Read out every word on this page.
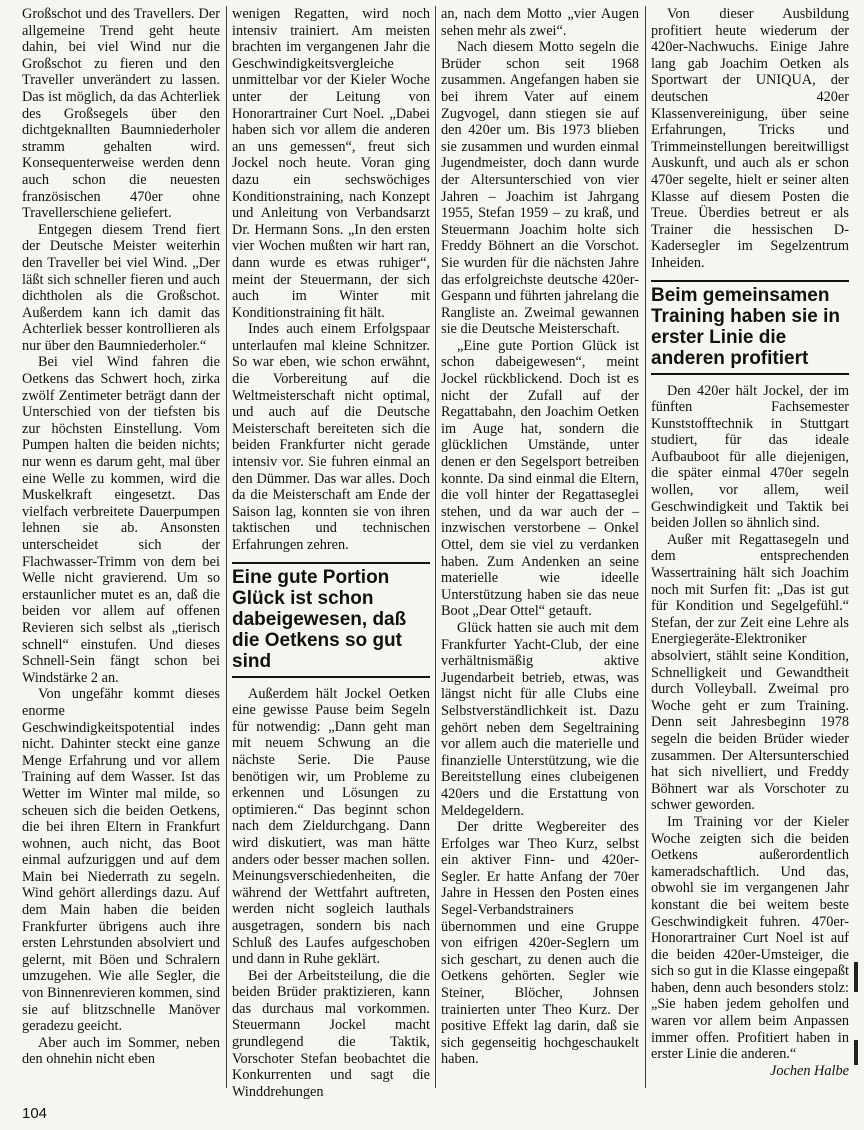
Großschot und des Travellers. Der allgemeine Trend geht heute dahin, bei viel Wind nur die Großschot zu fieren und den Traveller unverändert zu lassen. Das ist möglich, da das Achterliek des Großsegels über den dichtgeknallten Baumniederholer stramm gehalten wird. Konsequenterweise werden denn auch schon die neuesten französischen 470er ohne Travellerschiene geliefert.

Entgegen diesem Trend fiert der Deutsche Meister weiterhin den Traveller bei viel Wind. „Der läßt sich schneller fieren und auch dichtholen als die Großschot. Außerdem kann ich damit das Achterliek besser kontrollieren als nur über den Baumniederholer.“

Bei viel Wind fahren die Oetkens das Schwert hoch, zirka zwölf Zentimeter beträgt dann der Unterschied von der tiefsten bis zur höchsten Einstellung. Vom Pumpen halten die beiden nichts; nur wenn es darum geht, mal über eine Welle zu kommen, wird die Muskelkraft eingesetzt. Das vielfach verbreitete Dauerpumpen lehnen sie ab. Ansonsten unterscheidet sich der Flachwasser-Trimm von dem bei Welle nicht gravierend. Um so erstaunlicher mutet es an, daß die beiden vor allem auf offenen Revieren sich selbst als „tierisch schnell“ einstufen. Und dieses Schnell-Sein fängt schon bei Windstärke 2 an.

Von ungefähr kommt dieses enorme Geschwindigkeitspotential indes nicht. Dahinter steckt eine ganze Menge Erfahrung und vor allem Training auf dem Wasser. Ist das Wetter im Winter mal milde, so scheuen sich die beiden Oetkens, die bei ihren Eltern in Frankfurt wohnen, auch nicht, das Boot einmal aufzuriggen und auf dem Main bei Niederrath zu segeln. Wind gehört allerdings dazu. Auf dem Main haben die beiden Frankfurter übrigens auch ihre ersten Lehrstunden absolviert und gelernt, mit Böen und Schralern umzugehen. Wie alle Segler, die von Binnenrevieren kommen, sind sie auf blitzschnelle Manöver geradezu geeicht.

Aber auch im Sommer, neben den ohnehin nicht eben

wenigen Regatten, wird noch intensiv trainiert. Am meisten brachten im vergangenen Jahr die Geschwindigkeitsvergleiche unmittelbar vor der Kieler Woche unter der Leitung von Honorartrainer Curt Noel. „Dabei haben sich vor allem die anderen an uns gemessen“, freut sich Jockel noch heute. Voran ging dazu ein sechswöchiges Konditionstraining, nach Konzept und Anleitung von Verbandsarzt Dr. Hermann Sons. „In den ersten vier Wochen mußten wir hart ran, dann wurde es etwas ruhiger“, meint der Steuermann, der sich auch im Winter mit Konditionstraining fit hält.

Indes auch einem Erfolgspaar unterlaufen mal kleine Schnitzer. So war eben, wie schon erwähnt, die Vorbereitung auf die Weltmeisterschaft nicht optimal, und auch auf die Deutsche Meisterschaft bereiteten sich die beiden Frankfurter nicht gerade intensiv vor. Sie fuhren einmal an den Dümmer. Das war alles. Doch da die Meisterschaft am Ende der Saison lag, konnten sie von ihren taktischen und technischen Erfahrungen zehren.

Eine gute Portion Glück ist schon dabeigewesen, daß die Oetkens so gut sind

Außerdem hält Jockel Oetken eine gewisse Pause beim Segeln für notwendig: „Dann geht man mit neuem Schwung an die nächste Serie. Die Pause benötigen wir, um Probleme zu erkennen und Lösungen zu optimieren.“ Das beginnt schon nach dem Zieldurchgang. Dann wird diskutiert, was man hätte anders oder besser machen sollen. Meinungsverschiedenheiten, die während der Wettfahrt auftreten, werden nicht sogleich lauthals ausgetragen, sondern bis nach Schluß des Laufes aufgeschoben und dann in Ruhe geklärt.

Bei der Arbeitsteilung, die die beiden Brüder praktizieren, kann das durchaus mal vorkommen. Steuermann Jockel macht grundlegend die Taktik, Vorschoter Stefan beobachtet die Konkurrenten und sagt die Winddrehungen

an, nach dem Motto „vier Augen sehen mehr als zwei“.

Nach diesem Motto segeln die Brüder schon seit 1968 zusammen. Angefangen haben sie bei ihrem Vater auf einem Zugvogel, dann stiegen sie auf den 420er um. Bis 1973 blieben sie zusammen und wurden einmal Jugendmeister, doch dann wurde der Altersunterschied von vier Jahren – Joachim ist Jahrgang 1955, Stefan 1959 – zu kraß, und Steuermann Joachim holte sich Freddy Böhnert an die Vorschot. Sie wurden für die nächsten Jahre das erfolgreichste deutsche 420er-Gespann und führten jahrelang die Rangliste an. Zweimal gewannen sie die Deutsche Meisterschaft.

„Eine gute Portion Glück ist schon dabeigewesen“, meint Jockel rückblickend. Doch ist es nicht der Zufall auf der Regattabahn, den Joachim Oetken im Auge hat, sondern die glücklichen Umstände, unter denen er den Segelsport betreiben konnte. Da sind einmal die Eltern, die voll hinter der Regattaseglei stehen, und da war auch der – inzwischen verstorbene – Onkel Ottel, dem sie viel zu verdanken haben. Zum Andenken an seine materielle wie ideelle Unterstützung haben sie das neue Boot „Dear Ottel“ getauft.

Glück hatten sie auch mit dem Frankfurter Yacht-Club, der eine verhältnismäßig aktive Jugendarbeit betrieb, etwas, was längst nicht für alle Clubs eine Selbstverständlichkeit ist. Dazu gehört neben dem Segeltraining vor allem auch die materielle und finanzielle Unterstützung, wie die Bereitstellung eines clubeigenen 420ers und die Erstattung von Meldegeldern.

Der dritte Wegbereiter des Erfolges war Theo Kurz, selbst ein aktiver Finn- und 420er-Segler. Er hatte Anfang der 70er Jahre in Hessen den Posten eines Segel-Verbandstrainers übernommen und eine Gruppe von eifrigen 420er-Seglern um sich geschart, zu denen auch die Oetkens gehörten. Segler wie Steiner, Blöcher, Johnsen trainierten unter Theo Kurz. Der positive Effekt lag darin, daß sie sich gegenseitig hochgeschaukelt haben.

Von dieser Ausbildung profitiert heute wiederum der 420er-Nachwuchs. Einige Jahre lang gab Joachim Oetken als Sportwart der UNIQUA, der deutschen 420er Klassenvereinigung, über seine Erfahrungen, Tricks und Trimmeinstellungen bereitwilligst Auskunft, und auch als er schon 470er segelte, hielt er seiner alten Klasse auf diesem Posten die Treue. Überdies betreut er als Trainer die hessischen D-Kadersegler im Segelzentrum Inheiden.

Beim gemeinsamen Training haben sie in erster Linie die anderen profitiert

Den 420er hält Jockel, der im fünften Fachsemester Kunststofftechnik in Stuttgart studiert, für das ideale Aufbauboot für alle diejenigen, die später einmal 470er segeln wollen, vor allem, weil Geschwindigkeit und Taktik bei beiden Jollen so ähnlich sind.

Außer mit Regattasegeln und dem entsprechenden Wassertraining hält sich Joachim noch mit Surfen fit: „Das ist gut für Kondition und Segelgefühl.“ Stefan, der zur Zeit eine Lehre als Energiegeräte-Elektroniker absolviert, stählt seine Kondition, Schnelligkeit und Gewandtheit durch Volleyball. Zweimal pro Woche geht er zum Training. Denn seit Jahresbeginn 1978 segeln die beiden Brüder wieder zusammen. Der Altersunterschied hat sich nivelliert, und Freddy Böhnert war als Vorschoter zu schwer geworden.

Im Training vor der Kieler Woche zeigten sich die beiden Oetkens außerordentlich kameradschaftlich. Und das, obwohl sie im vergangenen Jahr konstant die bei weitem beste Geschwindigkeit fuhren. 470er-Honorartrainer Curt Noel ist auf die beiden 420er-Umsteiger, die sich so gut in die Klasse eingepaßt haben, denn auch besonders stolz: „Sie haben jedem geholfen und waren vor allem beim Anpassen immer offen. Profitiert haben in erster Linie die anderen.“

Jochen Halbe

104
